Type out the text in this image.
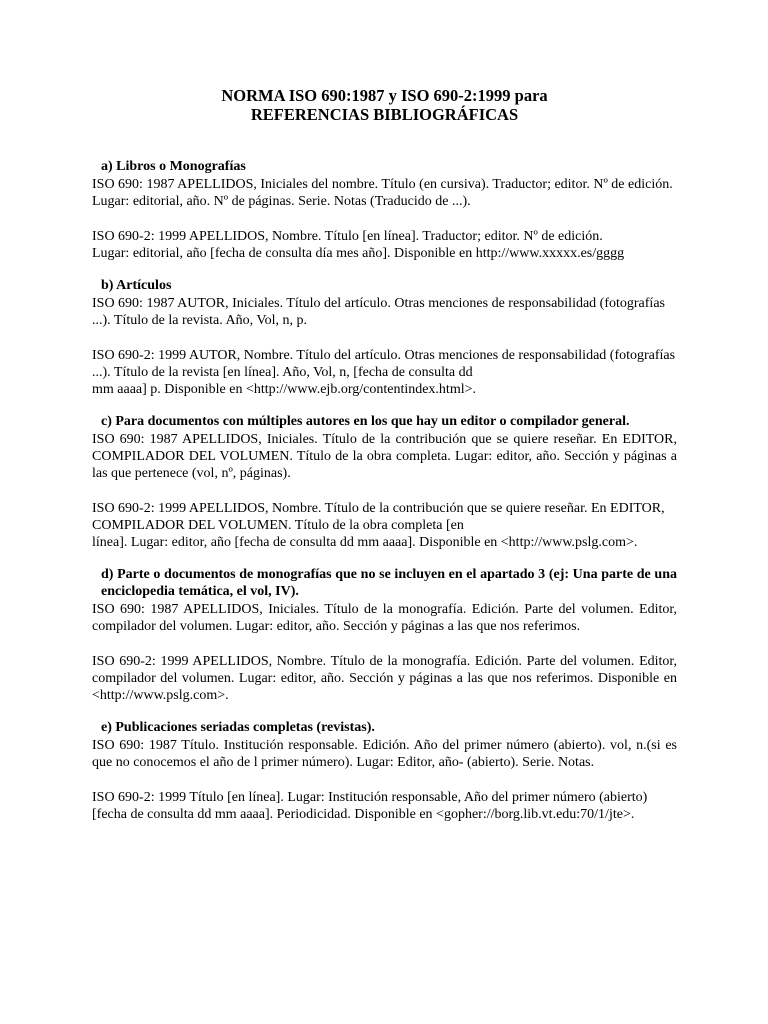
NORMA ISO 690:1987 y ISO 690-2:1999 para
REFERENCIAS BIBLIOGRÁFICAS
a) Libros o Monografías

ISO 690: 1987 APELLIDOS, Iniciales del nombre. Título (en cursiva). Traductor; editor. Nº de edición.

Lugar: editorial, año. Nº de páginas. Serie. Notas (Traducido de ...).

ISO 690-2: 1999 APELLIDOS, Nombre. Título [en línea]. Traductor; editor. Nº de edición.

Lugar: editorial, año [fecha de consulta día mes año]. Disponible en http://www.xxxxx.es/gggg

b) Artículos

ISO 690: 1987 AUTOR, Iniciales. Título del artículo. Otras menciones de responsabilidad (fotografías ...). Título de la revista. Año, Vol, n, p.

ISO 690-2: 1999 AUTOR, Nombre. Título del artículo. Otras menciones de responsabilidad (fotografías ...). Título de la revista [en línea]. Año, Vol, n, [fecha de consulta dd

mm aaaa] p. Disponible en <http://www.ejb.org/contentindex.html>.

c) Para documentos con múltiples autores en los que hay un editor o compilador general.

ISO 690: 1987 APELLIDOS, Iniciales. Título de la contribución que se quiere reseñar. En EDITOR, COMPILADOR DEL VOLUMEN. Título de la obra completa. Lugar: editor, año. Sección y páginas a las que pertenece (vol, nº, páginas).

ISO 690-2: 1999 APELLIDOS, Nombre. Título de la contribución que se quiere reseñar. En EDITOR, COMPILADOR DEL VOLUMEN. Título de la obra completa [en

línea]. Lugar: editor, año [fecha de consulta dd mm aaaa]. Disponible en <http://www.pslg.com>.

d) Parte o documentos de monografías que no se incluyen en el apartado 3 (ej: Una parte de una enciclopedia temática, el vol, IV).

ISO 690: 1987 APELLIDOS, Iniciales. Título de la monografía. Edición. Parte del volumen. Editor, compilador del volumen. Lugar: editor, año. Sección y páginas a las que nos referimos.

ISO 690-2: 1999 APELLIDOS, Nombre. Título de la monografía. Edición. Parte del volumen. Editor, compilador del volumen. Lugar: editor, año. Sección y páginas a las que nos referimos. Disponible en <http://www.pslg.com>.

e) Publicaciones seriadas completas (revistas).

ISO 690: 1987 Título. Institución responsable. Edición. Año del primer número (abierto). vol, n.(si es que no conocemos el año de l primer número). Lugar: Editor, año- (abierto). Serie. Notas.

ISO 690-2: 1999 Título [en línea]. Lugar: Institución responsable, Año del primer número (abierto) [fecha de consulta dd mm aaaa]. Periodicidad. Disponible en <gopher://borg.lib.vt.edu:70/1/jte>.
